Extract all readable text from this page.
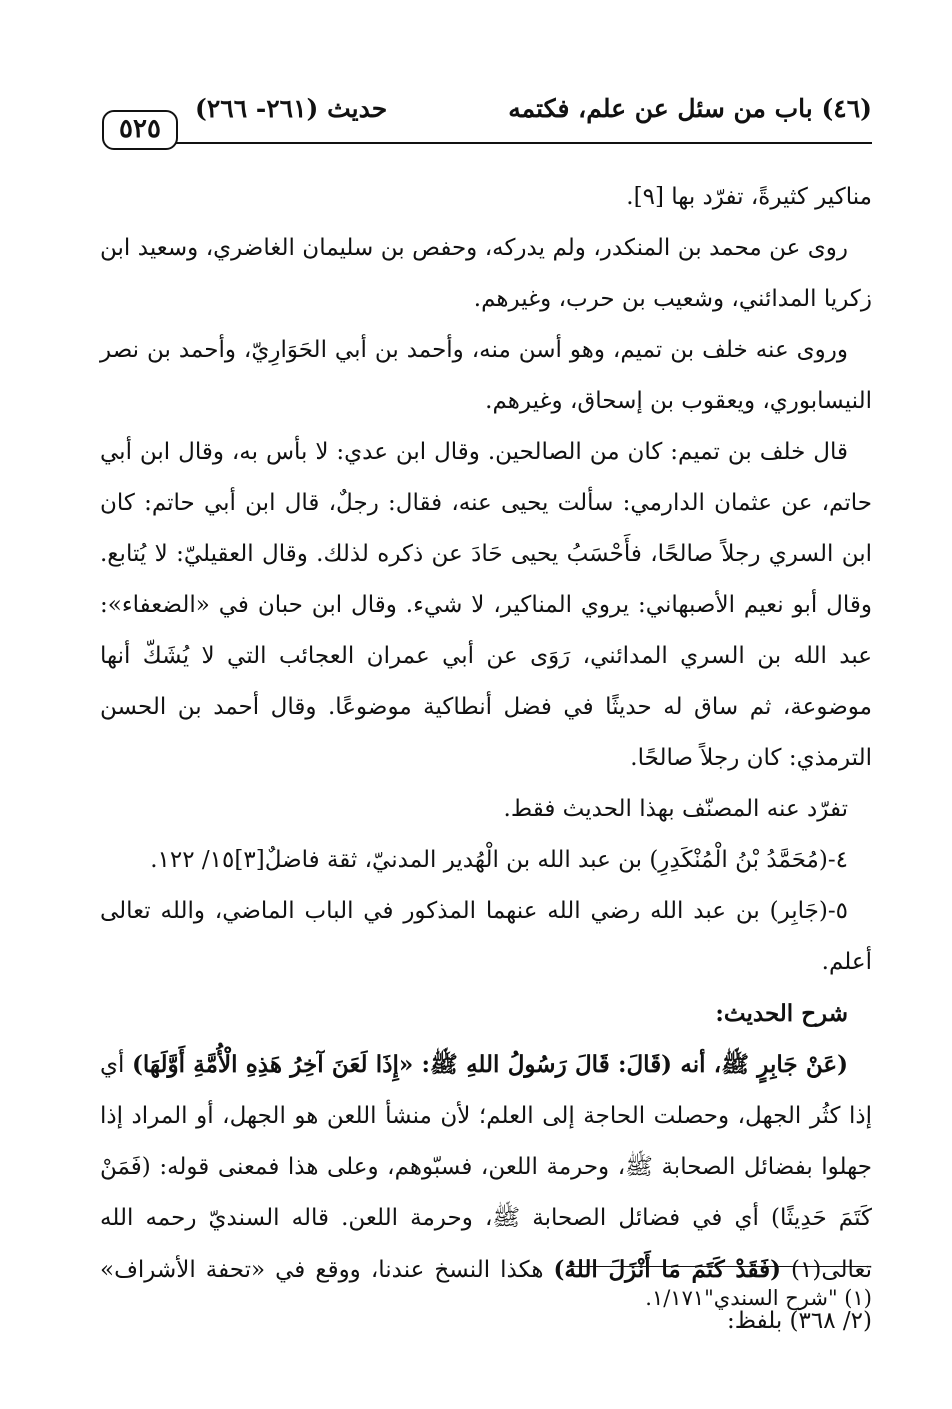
(٤٦) باب من سئل عن علم، فكتمه
حديث (٢٦١- ٢٦٦)
٥٢٥

مناكير كثيرةً، تفرّد بها [٩].

روى عن محمد بن المنكدر، ولم يدركه، وحفص بن سليمان الغاضري، وسعيد ابن زكريا المدائني، وشعيب بن حرب، وغيرهم.

وروى عنه خلف بن تميم، وهو أسن منه، وأحمد بن أبي الحَوَارِيّ، وأحمد بن نصر النيسابوري، ويعقوب بن إسحاق، وغيرهم.

قال خلف بن تميم: كان من الصالحين. وقال ابن عدي: لا بأس به، وقال ابن أبي حاتم، عن عثمان الدارمي: سألت يحيى عنه، فقال: رجلٌ، قال ابن أبي حاتم: كان ابن السري رجلاً صالحًا، فأَحْسَبُ يحيى حَادَ عن ذكره لذلك. وقال العقيليّ: لا يُتابع. وقال أبو نعيم الأصبهاني: يروي المناكير، لا شيء. وقال ابن حبان في «الضعفاء»: عبد الله بن السري المدائني، رَوَى عن أبي عمران العجائب التي لا يُشَكّ أنها موضوعة، ثم ساق له حديثًا في فضل أنطاكية موضوعًا. وقال أحمد بن الحسن الترمذي: كان رجلاً صالحًا.

تفرّد عنه المصنّف بهذا الحديث فقط.

٤-(مُحَمَّدُ بْنُ الْمُنْكَدِرِ) بن عبد الله بن الْهُدير المدنيّ، ثقة فاضلٌ[٣]١٥/ ١٢٢.

٥-(جَابِر) بن عبد الله رضي الله عنهما المذكور في الباب الماضي، والله تعالى أعلم.

شرح الحديث:

(عَنْ جَابِرٍ ﷺ، أنه (قَالَ: قَالَ رَسُولُ اللهِ ﷺ: «إِذَا لَعَنَ آخِرُ هَذِهِ الْأُمَّةِ أَوَّلَهَا) أي إذا كثُر الجهل، وحصلت الحاجة إلى العلم؛ لأن منشأ اللعن هو الجهل، أو المراد إذا جهلوا بفضائل الصحابة ﷺ، وحرمة اللعن، فسبّوهم، وعلى هذا فمعنى قوله: (فَمَنْ كَتَمَ حَدِيثًا) أي في فضائل الصحابة ﷺ، وحرمة اللعن. قاله السنديّ رحمه الله تعالى(١) (فَقَدْ كَتَمَ مَا أَنْزَلَ اللهُ) هكذا النسخ عندنا، ووقع في «تحفة الأشراف» (٢/ ٣٦٨) بلفظ:

(١) "شرح السندي"١/١٧١.
